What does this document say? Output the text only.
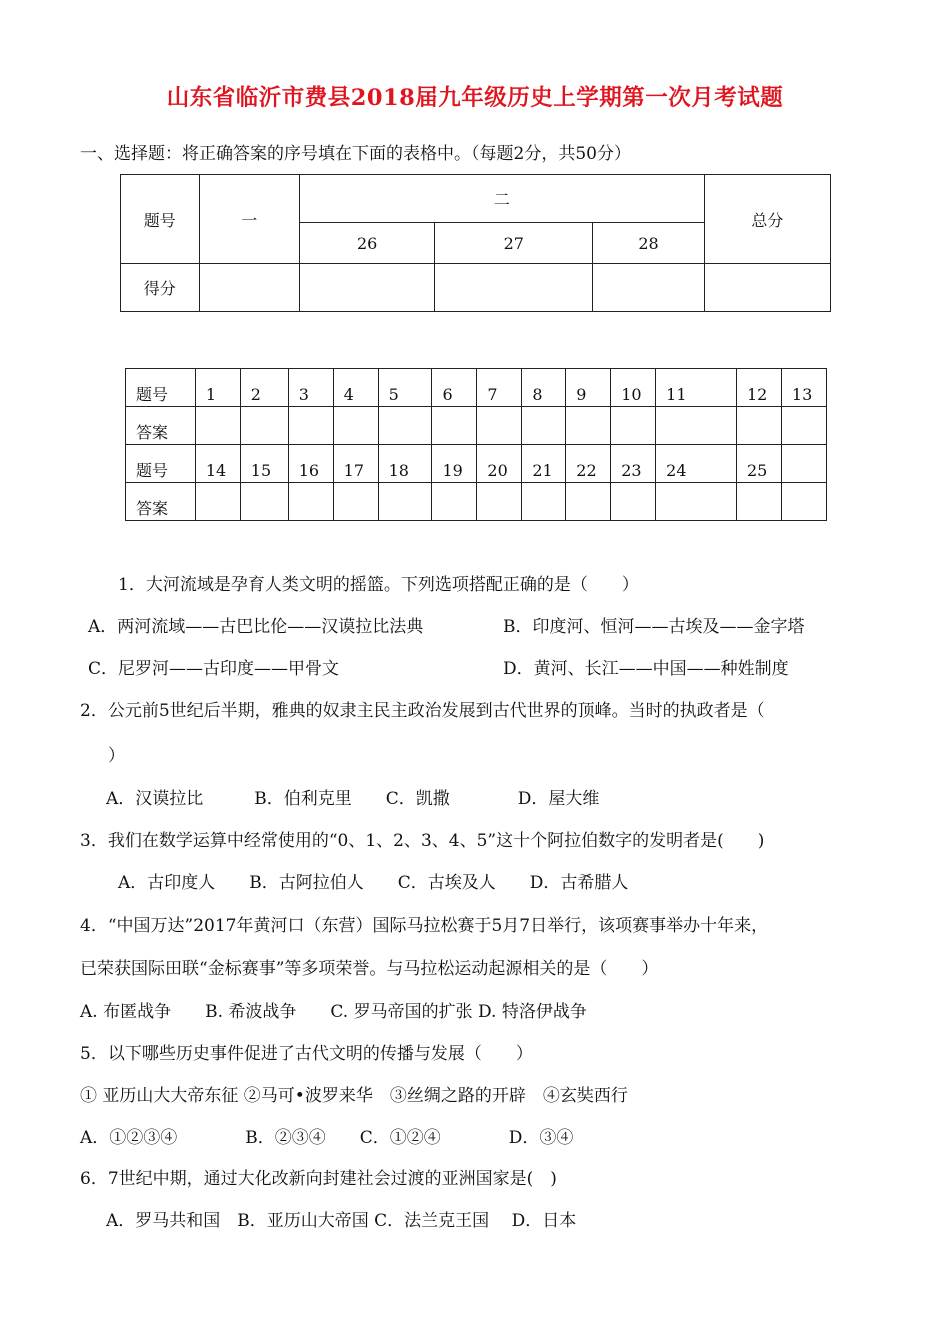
山东省临沂市费县2018届九年级历史上学期第一次月考试题
一、选择题：将正确答案的序号填在下面的表格中。（每题2分，共50分）
题号	一	二			总分
		26	27	28	
得分					
题号	1	2	3	4	5	6	7	8	9	10	11	12	13
答案													
题号	14	15	16	17	18	19	20	21	22	23	24	25	
答案													
1．大河流域是孕育人类文明的摇篮。下列选项搭配正确的是（　　）
A．两河流域——古巴比伦——汉谟拉比法典	B．印度河、恒河——古埃及——金字塔
C．尼罗河——古印度——甲骨文	D．黄河、长江——中国——种姓制度
2．公元前5世纪后半期，雅典的奴隶主民主政治发展到古代世界的顶峰。当时的执政者是（
）
A．汉谟拉比　　　B．伯利克里　　C．凯撒　　　　D．屋大维
3．我们在数学运算中经常使用的“0、1、2、3、4、5”这十个阿拉伯数字的发明者是(　　)
A．古印度人　　B．古阿拉伯人　　C．古埃及人　　D．古希腊人
4．“中国万达”2017年黄河口（东营）国际马拉松赛于5月7日举行，该项赛事举办十年来，
已荣获国际田联“金标赛事”等多项荣誉。与马拉松运动起源相关的是（　　）
A. 布匿战争　　B. 希波战争　　C. 罗马帝国的扩张 D. 特洛伊战争
5．以下哪些历史事件促进了古代文明的传播与发展（　　）
① 亚历山大大帝东征 ②马可•波罗来华　③丝绸之路的开辟　④玄奘西行
A．①②③④　　　　B．②③④　　C．①②④　　　　D．③④
6．7世纪中期，通过大化改新向封建社会过渡的亚洲国家是(　)
A．罗马共和国　B．亚历山大帝国 C．法兰克王国　 D．日本
